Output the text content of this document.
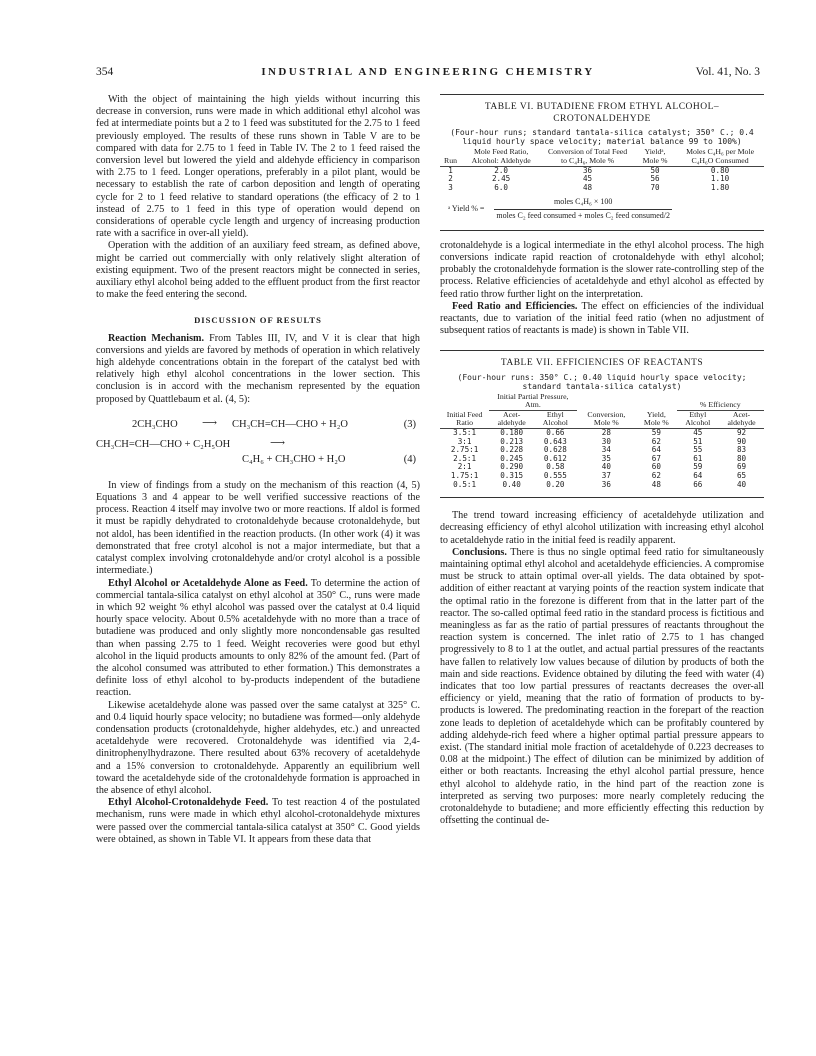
354	INDUSTRIAL AND ENGINEERING CHEMISTRY	Vol. 41, No. 3

With the object of maintaining the high yields without incurring this decrease in conversion, runs were made in which additional ethyl alcohol was fed at intermediate points but a 2 to 1 feed was substituted for the 2.75 to 1 feed previously employed. The results of these runs shown in Table V are to be compared with data for 2.75 to 1 feed in Table IV. The 2 to 1 feed raised the conversion level but lowered the yield and aldehyde efficiency in comparison with 2.75 to 1 feed. Longer operations, preferably in a pilot plant, would be necessary to establish the rate of carbon deposition and length of operating cycle for 2 to 1 feed relative to standard operations (the efficacy of 2 to 1 instead of 2.75 to 1 feed in this type of operation would depend on considerations of operable cycle length and urgency of increasing production rate with a sacrifice in over-all yield).

Operation with the addition of an auxiliary feed stream, as defined above, might be carried out commercially with only relatively slight alteration of existing equipment. Two of the present reactors might be connected in series, auxiliary ethyl alcohol being added to the effluent product from the first reactor to make the feed entering the second.

DISCUSSION OF RESULTS

Reaction Mechanism. From Tables III, IV, and V it is clear that high conversions and yields are favored by methods of operation in which relatively high aldehyde concentrations obtain in the forepart of the catalyst bed with relatively high ethyl alcohol concentrations in the lower section. This conclusion is in accord with the mechanism represented by the equation proposed by Quattlebaum et al. (4, 5):

2CH₃CHO ⟶ CH₃CH=CH—CHO + H₂O	(3)
CH₃CH=CH—CHO + C₂H₅OH	⟶
C₄H₆ + CH₃CHO + H₂O	(4)

In view of findings from a study on the mechanism of this reaction (4, 5) Equations 3 and 4 appear to be well verified successive reactions of the process. Reaction 4 itself may involve two or more reactions. If aldol is formed it must be rapidly dehydrated to crotonaldehyde because crotonaldehyde, but not aldol, has been identified in the reaction products. (In other work (4) it was demonstrated that free crotyl alcohol is not a major intermediate, but that a catalyst complex involving crotonaldehyde and/or crotyl alcohol is a possible intermediate.)

Ethyl Alcohol or Acetaldehyde Alone as Feed. To determine the action of commercial tantala-silica catalyst on ethyl alcohol at 350° C., runs were made in which 92 weight % ethyl alcohol was passed over the catalyst at 0.4 liquid hourly space velocity. About 0.5% acetaldehyde with no more than a trace of butadiene was produced and only slightly more noncondensable gas resulted than when passing 2.75 to 1 feed. Weight recoveries were good but ethyl alcohol in the liquid products amounts to only 82% of the amount fed. (Part of the alcohol consumed was attributed to ether formation.) This demonstrates a definite loss of ethyl alcohol to by-products independent of the butadiene reaction.

Likewise acetaldehyde alone was passed over the same catalyst at 325° C. and 0.4 liquid hourly space velocity; no butadiene was formed—only aldehyde condensation products (crotonaldehyde, higher aldehydes, etc.) and unreacted acetaldehyde were recovered. Crotonaldehyde was identified via 2,4-dinitrophenylhydrazone. There resulted about 63% recovery of acetaldehyde and a 15% conversion to crotonaldehyde. Apparently an equilibrium well toward the acetaldehyde side of the crotonaldehyde formation is approached in the absence of ethyl alcohol.

Ethyl Alcohol-Crotonaldehyde Feed. To test reaction 4 of the postulated mechanism, runs were made in which ethyl alcohol-crotonaldehyde mixtures were passed over the commercial tantala-silica catalyst at 350° C. Good yields were obtained, as shown in Table VI. It appears from these data that

TABLE VI. BUTADIENE FROM ETHYL ALCOHOL–CROTONALDEHYDE
(Four-hour runs; standard tantala-silica catalyst; 350° C.; 0.4 liquid hourly space velocity; material balance 99 to 100%)
Run	Mole Feed Ratio, Alcohol: Aldehyde	Conversion of Total Feed to C₄H₆, Mole %	Yieldᵃ, Mole %	Moles C₄H₆ per Mole C₄H₆O Consumed
1	2.0	36	50	0.80
2	2.45	45	56	1.10
3	6.0	48	70	1.80
ᵃ Yield % = $\frac{\text{moles C₄H₆ × 100}}{\text{moles C₂ feed consumed + moles C₂ feed consumed/2}}$

crotonaldehyde is a logical intermediate in the ethyl alcohol process. The high conversions indicate rapid reaction of crotonaldehyde with ethyl alcohol; probably the crotonaldehyde formation is the slower rate-controlling step of the process. Relative efficiencies of acetaldehyde and ethyl alcohol as effected by feed ratio throw further light on the interpretation.

Feed Ratio and Efficiencies. The effect on efficiencies of the individual reactants, due to variation of the initial feed ratio (when no adjustment of subsequent ratios of reactants is made) is shown in Table VII.

TABLE VII. EFFICIENCIES OF REACTANTS
(Four-hour runs: 350° C.; 0.40 liquid hourly space velocity; standard tantala-silica catalyst)
	Initial Partial Pressure, Atm.				% Efficiency	
Initial Feed Ratio	Acet-aldehyde	Ethyl Alcohol	Conversion, Mole %	Yield, Mole %	Ethyl Alcohol	Acet-aldehyde
3.5:1	0.180	0.66	28	59	45	92
3:1	0.213	0.643	30	62	51	90
2.75:1	0.228	0.628	34	64	55	83
2.5:1	0.245	0.612	35	67	61	80
2:1	0.290	0.58	40	60	59	69
1.75:1	0.315	0.555	37	62	64	65
0.5:1	0.40	0.20	36	48	66	40

The trend toward increasing efficiency of acetaldehyde utilization and decreasing efficiency of ethyl alcohol utilization with increasing ethyl alcohol to acetaldehyde ratio in the initial feed is readily apparent.

Conclusions. There is thus no single optimal feed ratio for simultaneously maintaining optimal ethyl alcohol and acetaldehyde efficiencies. A compromise must be struck to attain optimal over-all yields. The data obtained by spot-addition of either reactant at varying points of the reaction system indicate that the optimal ratio in the forezone is different from that in the latter part of the reactor. The so-called optimal feed ratio in the standard process is fictitious and meaningless as far as the ratio of partial pressures of reactants throughout the reaction system is concerned. The inlet ratio of 2.75 to 1 has changed progressively to 8 to 1 at the outlet, and actual partial pressures of the reactants have fallen to relatively low values because of dilution by products of both the main and side reactions. Evidence obtained by diluting the feed with water (4) indicates that too low partial pressures of reactants decreases the over-all efficiency or yield, meaning that the ratio of formation of products to by-products is lowered. The predominating reaction in the forepart of the reaction zone leads to depletion of acetaldehyde which can be profitably countered by adding aldehyde-rich feed where a higher optimal partial pressure appears to exist. (The standard initial mole fraction of acetaldehyde of 0.223 decreases to 0.08 at the midpoint.) The effect of dilution can be minimized by addition of either or both reactants. Increasing the ethyl alcohol partial pressure, hence ethyl alcohol to aldehyde ratio, in the hind part of the reaction zone is interpreted as serving two purposes: more nearly completely reducing the crotonaldehyde to butadiene; and more efficiently effecting this reduction by offsetting the continual de-
